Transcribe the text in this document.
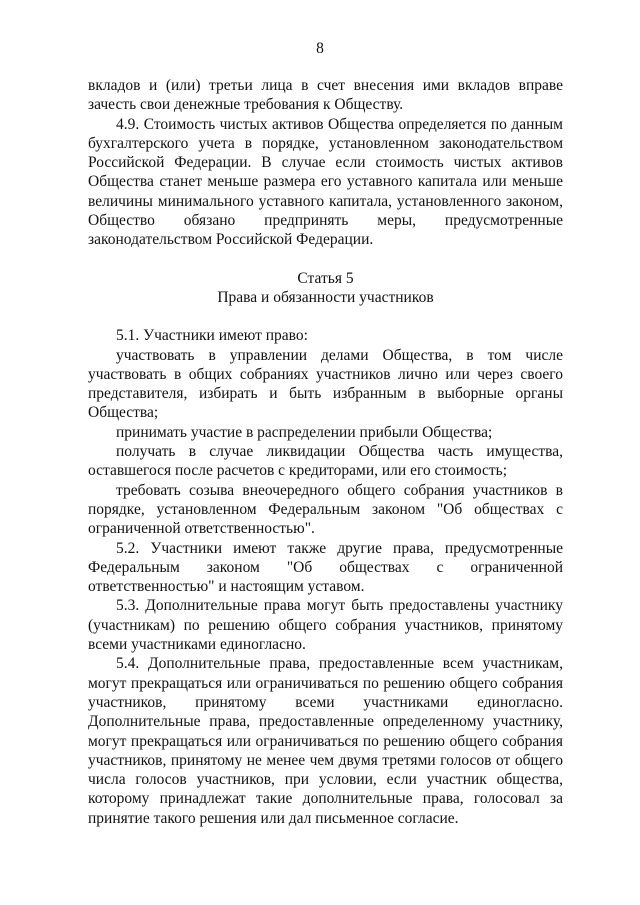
8

вкладов и (или) третьи лица в счет внесения ими вкладов вправе зачесть свои денежные требования к Обществу.

4.9. Стоимость чистых активов Общества определяется по данным бухгалтерского учета в порядке, установленном законодательством Российской Федерации. В случае если стоимость чистых активов Общества станет меньше размера его уставного капитала или меньше величины минимального уставного капитала, установленного законом, Общество обязано предпринять меры, предусмотренные законодательством Российской Федерации.

Статья 5

Права и обязанности участников

5.1. Участники имеют право:

участвовать в управлении делами Общества, в том числе участвовать в общих собраниях участников лично или через своего представителя, избирать и быть избранным в выборные органы Общества;

принимать участие в распределении прибыли Общества;

получать в случае ликвидации Общества часть имущества, оставшегося после расчетов с кредиторами, или его стоимость;

требовать созыва внеочередного общего собрания участников в порядке, установленном Федеральным законом "Об обществах с ограниченной ответственностью".

5.2. Участники имеют также другие права, предусмотренные Федеральным законом "Об обществах с ограниченной ответственностью" и настоящим уставом.

5.3. Дополнительные права могут быть предоставлены участнику (участникам) по решению общего собрания участников, принятому всеми участниками единогласно.

5.4. Дополнительные права, предоставленные всем участникам, могут прекращаться или ограничиваться по решению общего собрания участников, принятому всеми участниками единогласно. Дополнительные права, предоставленные определенному участнику, могут прекращаться или ограничиваться по решению общего собрания участников, принятому не менее чем двумя третями голосов от общего числа голосов участников, при условии, если участник общества, которому принадлежат такие дополнительные права, голосовал за принятие такого решения или дал письменное согласие.
